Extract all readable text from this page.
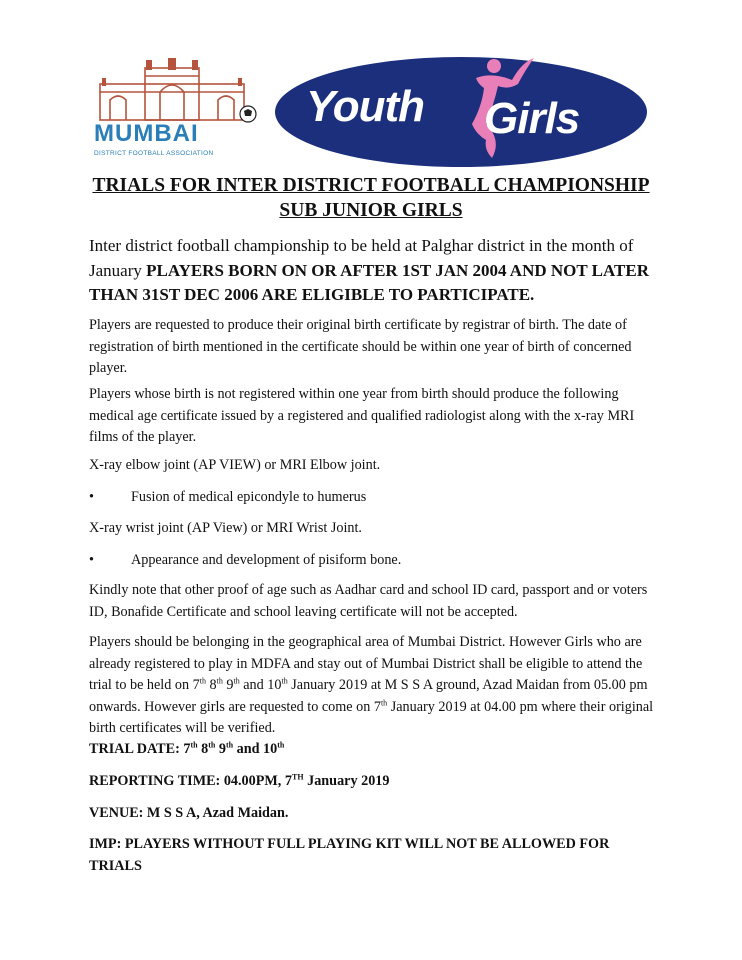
MUMBAI
DISTRICT FOOTBALL ASSOCIATION
Youth Girls
TRIALS FOR INTER DISTRICT FOOTBALL CHAMPIONSHIP
SUB JUNIOR GIRLS
Inter district football championship to be held at Palghar district in the month of January PLAYERS BORN ON OR AFTER 1ST JAN 2004 AND NOT LATER THAN 31ST DEC 2006 ARE ELIGIBLE TO PARTICIPATE.
Players are requested to produce their original birth certificate by registrar of birth. The date of registration of birth mentioned in the certificate should be within one year of birth of concerned player.
Players whose birth is not registered within one year from birth should produce the following medical age certificate issued by a registered and qualified radiologist along with the x-ray MRI films of the player.
X-ray elbow joint (AP VIEW) or MRI Elbow joint.
•	Fusion of medical epicondyle to humerus
X-ray wrist joint (AP View) or MRI Wrist Joint.
•	Appearance and development of pisiform bone.
Kindly note that other proof of age such as Aadhar card and school ID card, passport and or voters ID, Bonafide Certificate and school leaving certificate will not be accepted.
Players should be belonging in the geographical area of Mumbai District. However Girls who are already registered to play in MDFA and stay out of Mumbai District shall be eligible to attend the trial to be held on 7th 8th 9th and 10th January 2019 at M S S A ground, Azad Maidan from 05.00 pm onwards. However girls are requested to come on 7th January 2019 at 04.00 pm where their original birth certificates will be verified.
TRIAL DATE: 7th 8th 9th and 10th
REPORTING TIME: 04.00PM, 7TH January 2019
VENUE: M S S A, Azad Maidan.
IMP: PLAYERS WITHOUT FULL PLAYING KIT WILL NOT BE ALLOWED FOR TRIALS
